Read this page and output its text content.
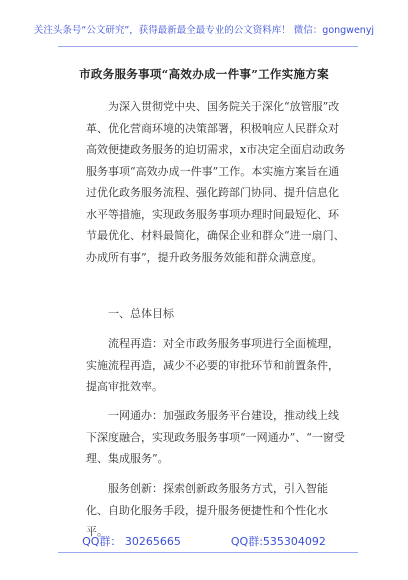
关注头条号“公文研究”，获得最新最全最专业的公文资料库！ 微信：gongwenyj
市政务服务事项“高效办成一件事”工作实施方案
为深入贯彻党中央、国务院关于深化“放管服”改革、优化营商环境的决策部署，积极响应人民群众对高效便捷政务服务的迫切需求，x市决定全面启动政务服务事项“高效办成一件事”工作。本实施方案旨在通过优化政务服务流程、强化跨部门协同、提升信息化水平等措施，实现政务服务事项办理时间最短化、环节最优化、材料最简化，确保企业和群众“进一扇门、办成所有事”，提升政务服务效能和群众满意度。
一、总体目标
流程再造：对全市政务服务事项进行全面梳理，实施流程再造，减少不必要的审批环节和前置条件，提高审批效率。
一网通办：加强政务服务平台建设，推动线上线下深度融合，实现政务服务事项“一网通办”、“一窗受理、集成服务”。
服务创新：探索创新政务服务方式，引入智能化、自助化服务手段，提升服务便捷性和个性化水平。
QQ群： 30265665	QQ群:535304092
